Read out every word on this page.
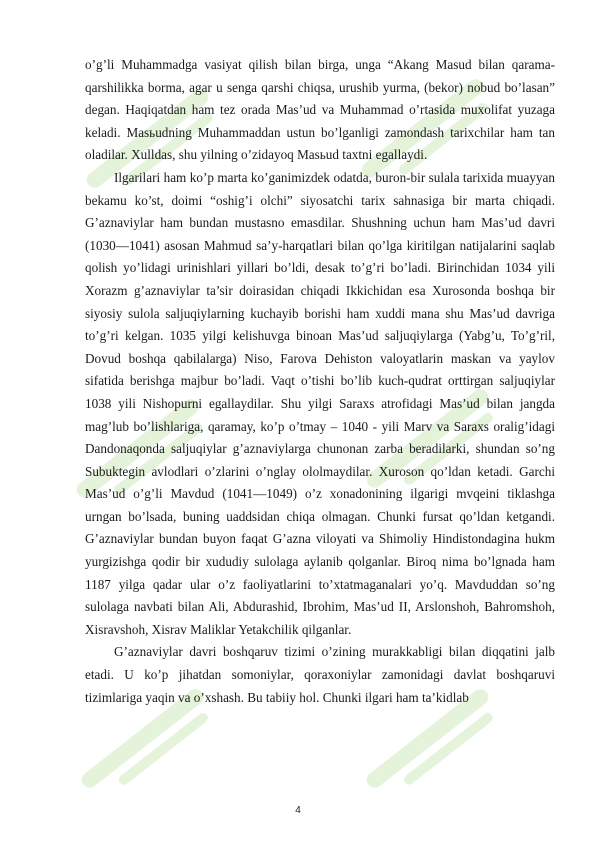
o’g’li Muhammadga vasiyat qilish bilan birga, unga “Akang Masud bilan qarama-qarshilikka borma, agar u senga qarshi chiqsa, urushib yurma, (bekor) nobud bo’lasan” degan. Haqiqatdan ham tez orada Mas’ud va Muhammad o’rtasida muxolifat yuzaga keladi. Masьudning Muhammaddan ustun bo’lganligi zamondash tarixchilar ham tan oladilar. Xulldas, shu yilning o’zidayoq Masьud taxtni egallaydi.

Ilgarilari ham ko’p marta ko’ganimizdek odatda, buron-bir sulala tarixida muayyan bekamu ko’st, doimi “oshig’i olchi” siyosatchi tarix sahnasiga bir marta chiqadi. G’aznaviylar ham bundan mustasno emasdilar. Shushning uchun ham Mas’ud davri (1030—1041) asosan Mahmud sa’y-harqatlari bilan qo’lga kiritilgan natijalarini saqlab qolish yo’lidagi urinishlari yillari bo’ldi, desak to’g’ri bo’ladi. Birinchidan 1034 yili Xorazm g’aznaviylar ta’sir doirasidan chiqadi Ikkichidan esa Xurosonda boshqa bir siyosiy sulola saljuqiylarning kuchayib borishi ham xuddi mana shu Mas’ud davriga to’g’ri kelgan. 1035 yilgi kelishuvga binoan Mas’ud saljuqiylarga (Yabg’u, To’g’ril, Dovud boshqa qabilalarga) Niso, Farova Dehiston valoyatlarin maskan va yaylov sifatida berishga majbur bo’ladi. Vaqt o’tishi bo’lib kuch-qudrat orttirgan saljuqiylar 1038 yili Nishopurni egallaydilar. Shu yilgi Saraxs atrofidagi Mas’ud bilan jangda mag’lub bo’lishlariga, qaramay, ko’p o’tmay – 1040 - yili Marv va Saraxs oralig’idagi Dandonaqonda saljuqiylar g’aznaviylarga chunonan zarba beradilarki, shundan so’ng Subuktegin avlodlari o’zlarini o’nglay ololmaydilar. Xuroson qo’ldan ketadi. Garchi Mas’ud o’g’li Mavdud (1041—1049) o’z xonadonining ilgarigi mvqeini tiklashga urngan bo’lsada, buning uaddsidan chiqa olmagan. Chunki fursat qo’ldan ketgandi. G’aznaviylar bundan buyon faqat G’azna viloyati va Shimoliy Hindistondagina hukm yurgizishga qodir bir xududiy sulolaga aylanib qolganlar. Biroq nima bo’lgnada ham 1187 yilga qadar ular o’z faoliyatlarini to’xtatmaganalari yo’q. Mavduddan so’ng sulolaga navbati bilan Ali, Abdurashid, Ibrohim, Mas’ud II, Arslonshoh, Bahromshoh, Xisravshoh, Xisrav Maliklar Yetakchilik qilganlar.

G’aznaviylar davri boshqaruv tizimi o’zining murakkabligi bilan diqqatini jalb etadi. U ko’p jihatdan somoniylar, qoraxoniylar zamonidagi davlat boshqaruvi tizimlariga yaqin va o’xshash. Bu tabiiy hol. Chunki ilgari ham ta’kidlab

4
